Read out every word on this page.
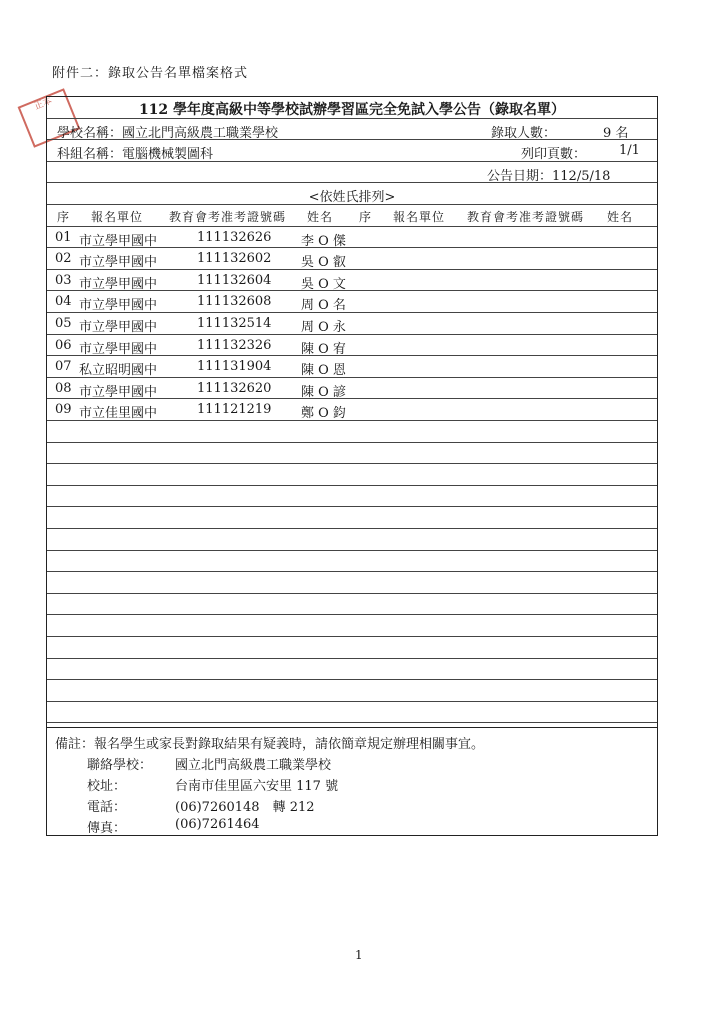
附件二：錄取公告名單檔案格式
正本	112 學年度高級中等學校試辦學習區完全免試入學公告（錄取名單）
學校名稱：國立北門高級農工職業學校	錄取人數：	9 名
科組名稱：電腦機械製圖科	列印頁數：	1/1
公告日期：112/5/18
<依姓氏排列>
序 報名單位 教育會考准考證號碼 姓名 序 報名單位 教育會考准考證號碼 姓名
01 市立學甲國中	111132626 李 O 傑
02 市立學甲國中	111132602 吳 O 叡
03 市立學甲國中	111132604 吳 O 文
04 市立學甲國中	111132608 周 O 名
05 市立學甲國中	111132514 周 O 永
06 市立學甲國中	111132326 陳 O 宥
07 私立昭明國中	111131904 陳 O 恩
08 市立學甲國中	111132620 陳 O 諺
09 市立佳里國中	111121219 鄭 O 鈞
備註：報名學生或家長對錄取結果有疑義時，請依簡章規定辦理相關事宜。
聯絡學校： 國立北門高級農工職業學校
校址：	台南市佳里區六安里 117 號
電話：	(06)7260148　轉 212
傳真：	(06)7261464
1
